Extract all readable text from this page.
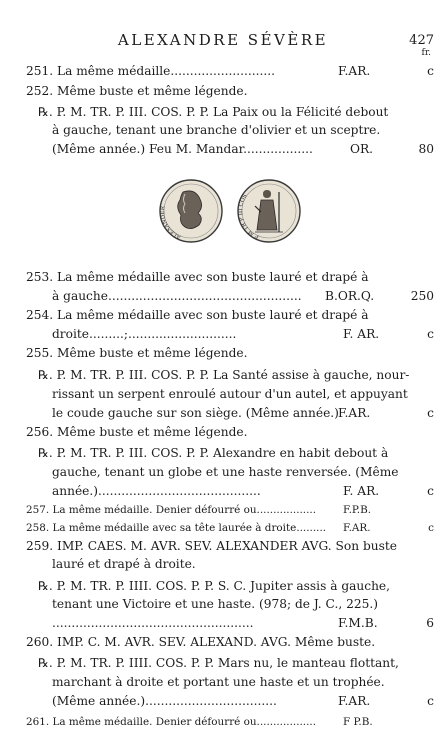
ALEXANDRE SÉVÈRE	427
fr.
251. La même médaille...........................	F.AR.	c
252. Même buste et même légende.
℞. P. M. TR. P. III. COS. P. P. La Paix ou la Félicité debout
à gauche, tenant une branche d'olivier et un sceptre.
(Même année.) Feu M. Mandar..................	OR.	80
253. La même médaille avec son buste lauré et drapé à
à gauche.................................................. B.OR.Q.	250
254. La même médaille avec son buste lauré et drapé à
droite.........;............................	F. AR.	c
255. Même buste et même légende.
℞. P. M. TR. P. III. COS. P. P. La Santé assise à gauche, nour-
rissant un serpent enroulé autour d'un autel, et appuyant
le coude gauche sur son siège. (Même année.) F.AR.	c
256. Même buste et même légende.
℞. P. M. TR. P. III. COS. P. P. Alexandre en habit debout à
gauche, tenant un globe et une haste renversée. (Même
année.)..........................................	F. AR.	c
257. La même médaille. Denier défourré ou..................	F.P.B.
258. La même médaille avec sa tête laurée à droite......... F.AR.	c
259. IMP. CAES. M. AVR. SEV. ALEXANDER AVG. Son buste
lauré et drapé à droite.
℞. P. M. TR. P. IIII. COS. P. P. S. C. Jupiter assis à gauche,
tenant une Victoire et une haste. (978; de J. C., 225.)
....................................................	F.M.B.	6
260. IMP. C. M. AVR. SEV. ALEXAND. AVG. Même buste.
℞. P. M. TR. P. IIII. COS. P. P. Mars nu, le manteau flottant,
marchant à droite et portant une haste et un trophée.
(Même année.)..................................	F.AR.	c
261. La même médaille. Denier défourré ou..................	F P.B.
ALEXANDER
P M TR P III COS
